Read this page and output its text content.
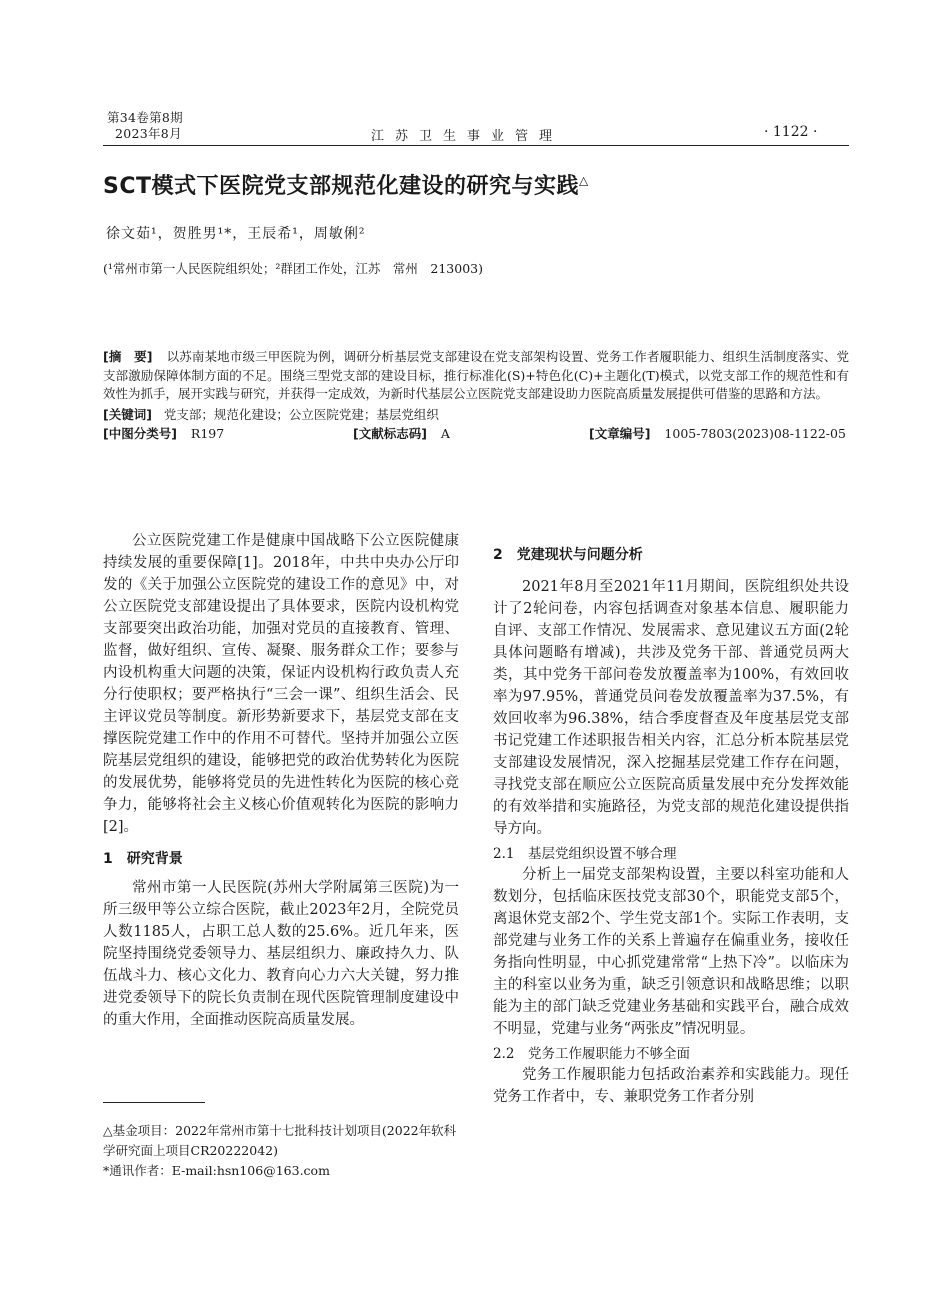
第34卷第8期
2023年8月	江苏卫生事业管理	· 1122 ·
SCT模式下医院党支部规范化建设的研究与实践△
徐文茹¹，贺胜男¹*，王辰希¹，周敏俐²
(¹常州市第一人民医院组织处；²群团工作处，江苏　常州　213003)

[摘　要] 以苏南某地市级三甲医院为例，调研分析基层党支部建设在党支部架构设置、党务工作者履职能力、组织生活制度落实、党支部激励保障体制方面的不足。围绕三型党支部的建设目标，推行标准化(S)+特色化(C)+主题化(T)模式，以党支部工作的规范性和有效性为抓手，展开实践与研究，并获得一定成效，为新时代基层公立医院党支部建设助力医院高质量发展提供可借鉴的思路和方法。

[关键词] 党支部；规范化建设；公立医院党建；基层党组织

[中图分类号] R197	[文献标志码] A	[文章编号] 1005-7803(2023)08-1122-05

公立医院党建工作是健康中国战略下公立医院健康持续发展的重要保障[1]。2018年，中共中央办公厅印发的《关于加强公立医院党的建设工作的意见》中，对公立医院党支部建设提出了具体要求，医院内设机构党支部要突出政治功能，加强对党员的直接教育、管理、监督，做好组织、宣传、凝聚、服务群众工作；要参与内设机构重大问题的决策，保证内设机构行政负责人充分行使职权；要严格执行“三会一课”、组织生活会、民主评议党员等制度。新形势新要求下，基层党支部在支撑医院党建工作中的作用不可替代。坚持并加强公立医院基层党组织的建设，能够把党的政治优势转化为医院的发展优势，能够将党员的先进性转化为医院的核心竞争力，能够将社会主义核心价值观转化为医院的影响力[2]。

1　研究背景

常州市第一人民医院(苏州大学附属第三医院)为一所三级甲等公立综合医院，截止2023年2月，全院党员人数1185人，占职工总人数的25.6%。近几年来，医院坚持围绕党委领导力、基层组织力、廉政持久力、队伍战斗力、核心文化力、教育向心力六大关键，努力推进党委领导下的院长负责制在现代医院管理制度建设中的重大作用，全面推动医院高质量发展。

△基金项目：2022年常州市第十七批科技计划项目(2022年软科学研究面上项目CR20222042)
*通讯作者：E-mail:hsn106@163.com
2　党建现状与问题分析

2021年8月至2021年11月期间，医院组织处共设计了2轮问卷，内容包括调查对象基本信息、履职能力自评、支部工作情况、发展需求、意见建议五方面(2轮具体问题略有增减)，共涉及党务干部、普通党员两大类，其中党务干部问卷发放覆盖率为100%，有效回收率为97.95%，普通党员问卷发放覆盖率为37.5%，有效回收率为96.38%，结合季度督查及年度基层党支部书记党建工作述职报告相关内容，汇总分析本院基层党支部建设发展情况，深入挖掘基层党建工作存在问题，寻找党支部在顺应公立医院高质量发展中充分发挥效能的有效举措和实施路径，为党支部的规范化建设提供指导方向。

2.1　基层党组织设置不够合理

分析上一届党支部架构设置，主要以科室功能和人数划分，包括临床医技党支部30个，职能党支部5个，离退休党支部2个、学生党支部1个。实际工作表明，支部党建与业务工作的关系上普遍存在偏重业务，接收任务指向性明显，中心抓党建常常“上热下冷”。以临床为主的科室以业务为重，缺乏引领意识和战略思维；以职能为主的部门缺乏党建业务基础和实践平台，融合成效不明显，党建与业务“两张皮”情况明显。

2.2　党务工作履职能力不够全面

党务工作履职能力包括政治素养和实践能力。现任党务工作者中，专、兼职党务工作者分别
